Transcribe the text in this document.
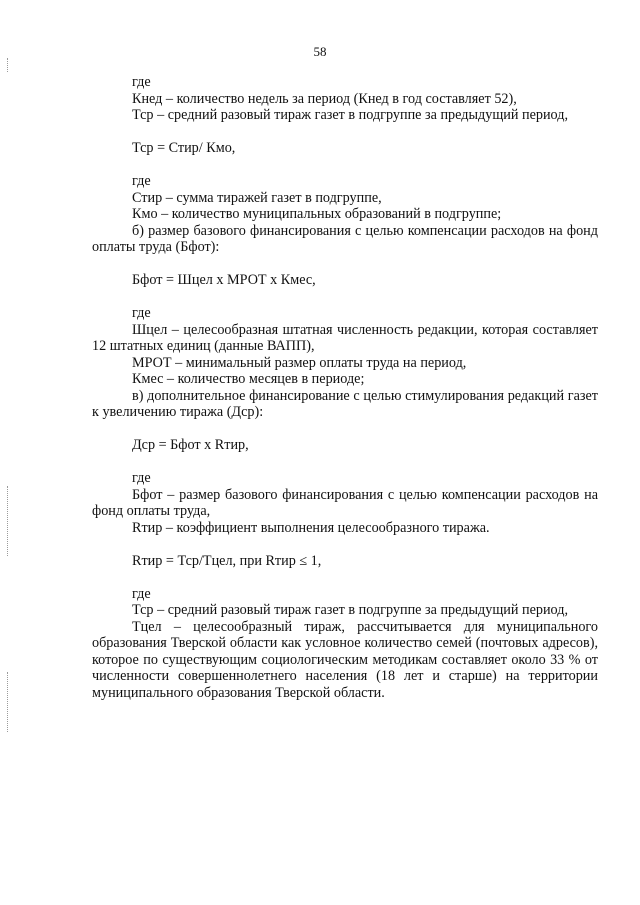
58

где

Кнед – количество недель за период (Кнед в год составляет 52),

Тср – средний разовый тираж газет в подгруппе за предыдущий период,

Тср = Стир/ Кмо,

где

Стир – сумма тиражей газет в подгруппе,

Кмо – количество муниципальных образований в подгруппе;

б) размер базового финансирования с целью компенсации расходов на фонд оплаты труда (Бфот):

Бфот = Шцел х МРОТ х Кмес,

где

Шцел – целесообразная штатная численность редакции, которая составляет 12 штатных единиц (данные ВАПП),

МРОТ – минимальный размер оплаты труда на период,

Кмес – количество месяцев в периоде;

в) дополнительное финансирование с целью стимулирования редакций газет к увеличению тиража (Дср):

Дср = Бфот х Rтир,

где

Бфот – размер базового финансирования с целью компенсации расходов на фонд оплаты труда,

Rтир – коэффициент выполнения целесообразного тиража.

Rтир = Тср/Тцел, при Rтир ≤ 1,

где

Тср – средний разовый тираж газет в подгруппе за предыдущий период,

Тцел – целесообразный тираж, рассчитывается для муниципального образования Тверской области как условное количество семей (почтовых адресов), которое по существующим социологическим методикам составляет около 33 % от численности совершеннолетнего населения (18 лет и старше) на территории муниципального образования Тверской области.
